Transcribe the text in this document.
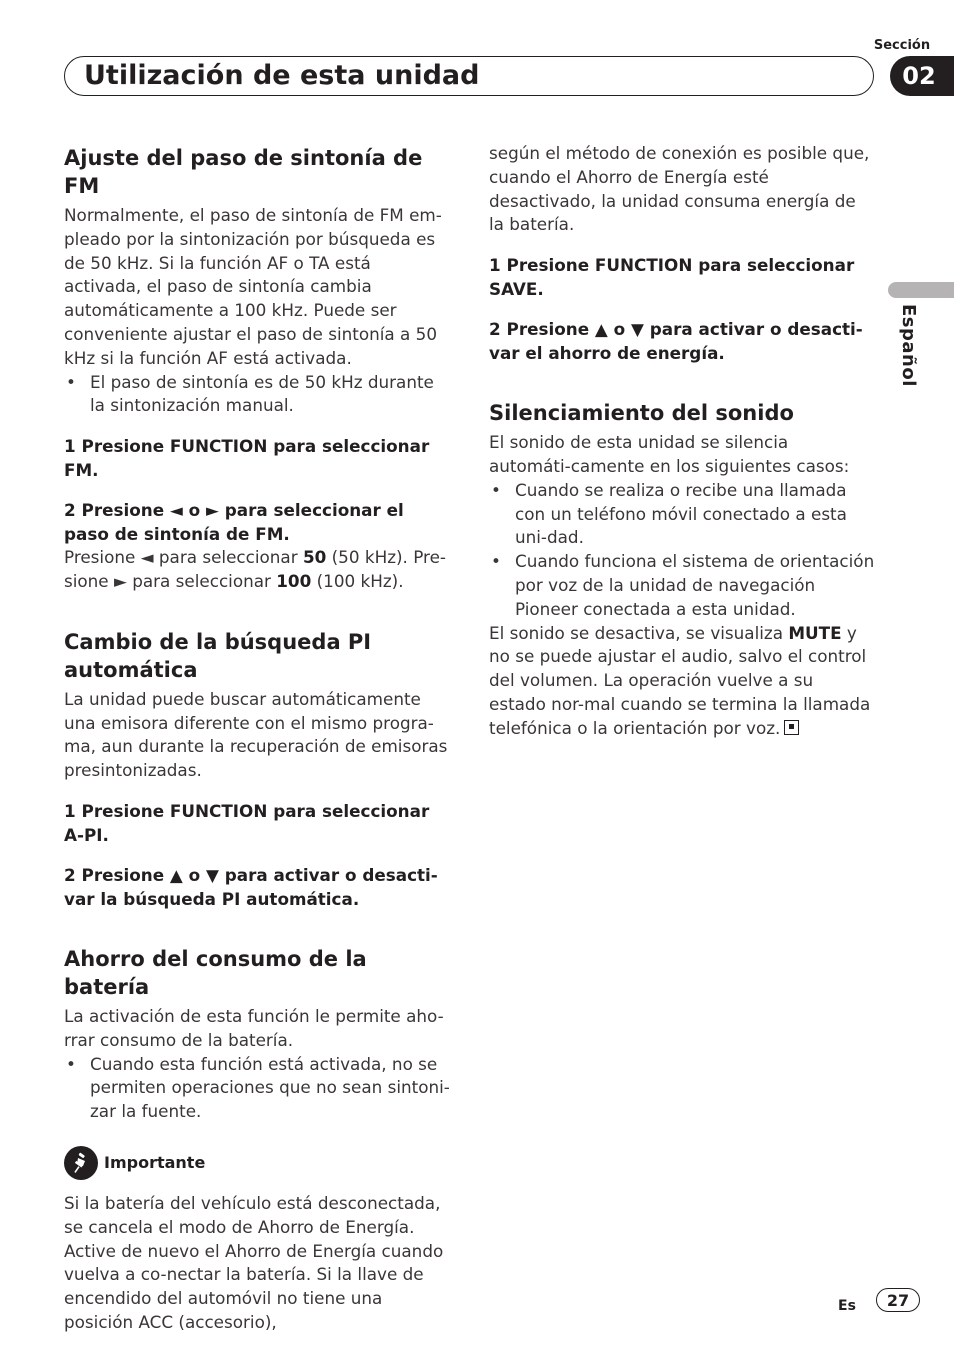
Sección
Utilización de esta unidad	02
Español
Ajuste del paso de sintonía de FM

Normalmente, el paso de sintonía de FM em-pleado por la sintonización por búsqueda es de 50 kHz. Si la función AF o TA está activada, el paso de sintonía cambia automáticamente a 100 kHz. Puede ser conveniente ajustar el paso de sintonía a 50 kHz si la función AF está activada.

• El paso de sintonía es de 50 kHz durante la sintonización manual.
1 Presione FUNCTION para seleccionar FM.
2 Presione ◄ o ► para seleccionar el paso de sintonía de FM.

Presione ◄ para seleccionar 50 (50 kHz). Pre-sione ► para seleccionar 100 (100 kHz).

Cambio de la búsqueda PI automática

La unidad puede buscar automáticamente una emisora diferente con el mismo progra-ma, aun durante la recuperación de emisoras presintonizadas.

1 Presione FUNCTION para seleccionar A-PI.
2 Presione ▲ o ▼ para activar o desacti-var la búsqueda PI automática.
Ahorro del consumo de la batería

La activación de esta función le permite aho-rrar consumo de la batería.

• Cuando esta función está activada, no se permiten operaciones que no sean sintoni-zar la fuente.
Importante

Si la batería del vehículo está desconectada, se cancela el modo de Ahorro de Energía. Active de nuevo el Ahorro de Energía cuando vuelva a co-nectar la batería. Si la llave de encendido del automóvil no tiene una posición ACC (accesorio),

según el método de conexión es posible que, cuando el Ahorro de Energía esté desactivado, la unidad consuma energía de la batería.

1 Presione FUNCTION para seleccionar SAVE.
2 Presione ▲ o ▼ para activar o desacti-var el ahorro de energía.
Silenciamiento del sonido

El sonido de esta unidad se silencia automáti-camente en los siguientes casos:

• Cuando se realiza o recibe una llamada con un teléfono móvil conectado a esta uni-dad.
• Cuando funciona el sistema de orientación por voz de la unidad de navegación Pioneer conectada a esta unidad.

El sonido se desactiva, se visualiza MUTE y no se puede ajustar el audio, salvo el control del volumen. La operación vuelve a su estado nor-mal cuando se termina la llamada telefónica o la orientación por voz.

Es	27
